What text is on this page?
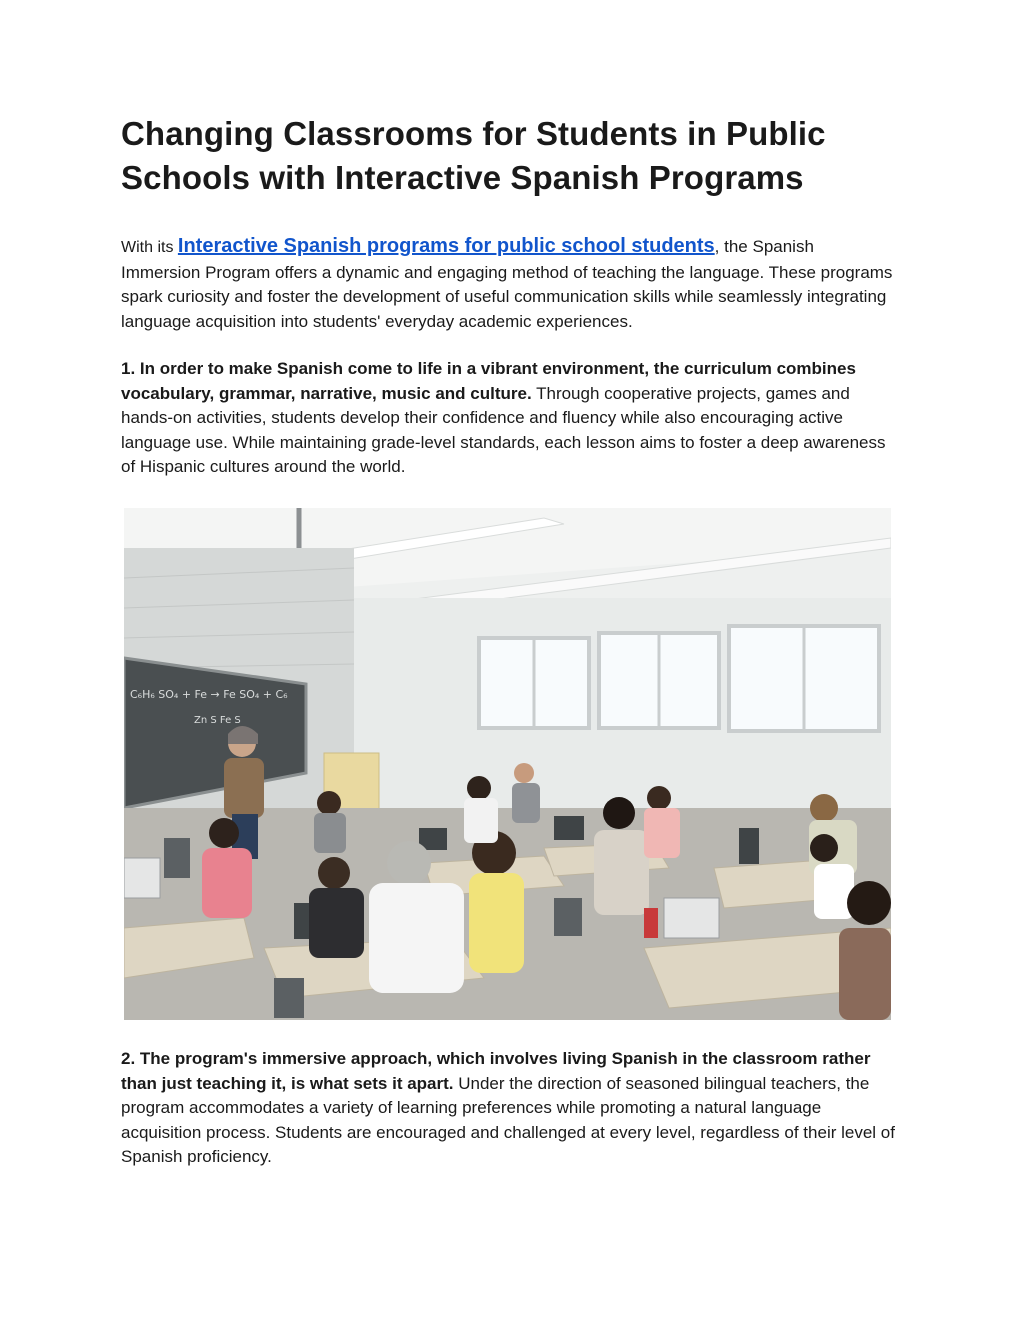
Changing Classrooms for Students in Public Schools with Interactive Spanish Programs

With its Interactive Spanish programs for public school students, the Spanish Immersion Program offers a dynamic and engaging method of teaching the language. These programs spark curiosity and foster the development of useful communication skills while seamlessly integrating language acquisition into students' everyday academic experiences.

1. In order to make Spanish come to life in a vibrant environment, the curriculum combines vocabulary, grammar, narrative, music and culture. Through cooperative projects, games and hands-on activities, students develop their confidence and fluency while also encouraging active language use. While maintaining grade-level standards, each lesson aims to foster a deep awareness of Hispanic cultures around the world.

C₆H₆ SO₄ + Fe → Fe SO₄ + C₆
Zn S Fe S

2. The program's immersive approach, which involves living Spanish in the classroom rather than just teaching it, is what sets it apart. Under the direction of seasoned bilingual teachers, the program accommodates a variety of learning preferences while promoting a natural language acquisition process. Students are encouraged and challenged at every level, regardless of their level of Spanish proficiency.
